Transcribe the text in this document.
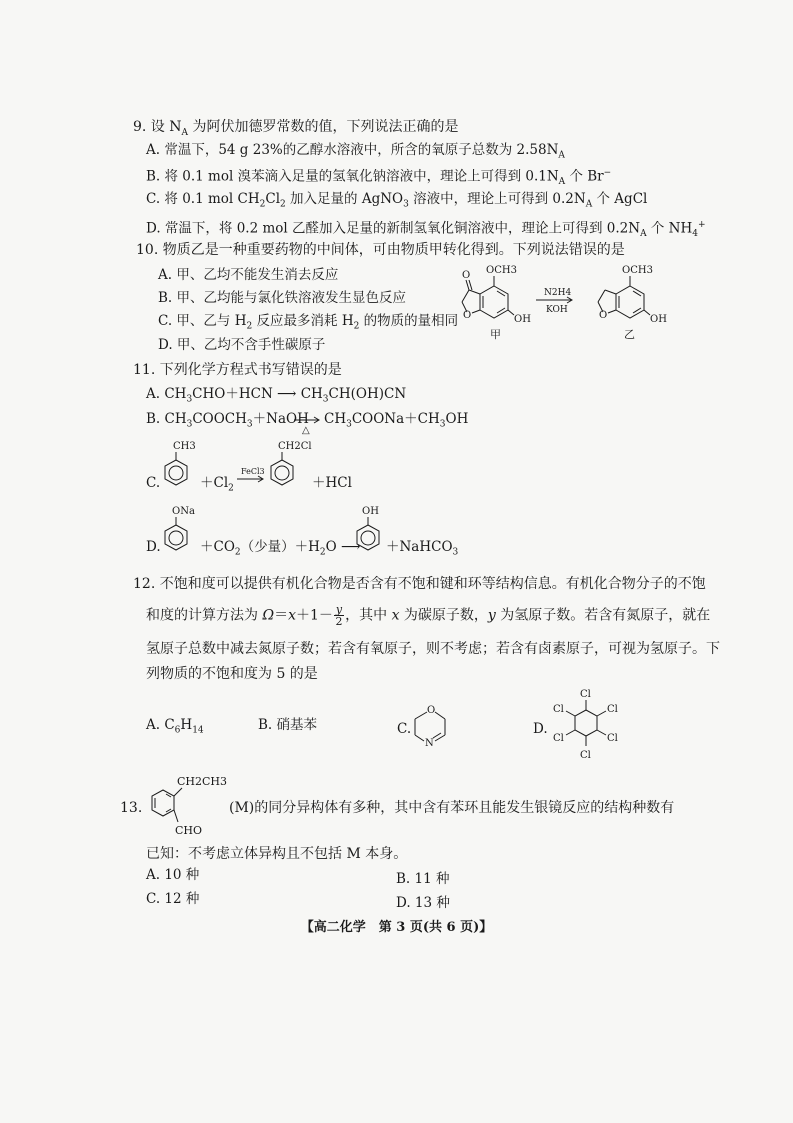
9. 设 $N_A$ 为阿伏加德罗常数的值，下列说法正确的是
A. 常温下，54 g 23%的乙醇水溶液中，所含的氧原子总数为 $2.58N_A$
B. 将 0.1 mol 溴苯滴入足量的氢氧化钠溶液中，理论上可得到 $0.1N_A$ 个 Br−
C. 将 0.1 mol $CH_2Cl_2$ 加入足量的 AgNO$_3$ 溶液中，理论上可得到 $0.2N_A$ 个 AgCl
D. 常温下，将 0.2 mol 乙醛加入足量的新制氢氧化铜溶液中，理论上可得到 $0.2N_A$ 个 $NH_4^+$
10. 物质乙是一种重要药物的中间体，可由物质甲转化得到。下列说法错误的是
A. 甲、乙均不能发生消去反应
B. 甲、乙均能与氯化铁溶液发生显色反应
C. 甲、乙与 $H_2$ 反应最多消耗 $H_2$ 的物质的量相同
D. 甲、乙均不含手性碳原子
O
O
OCH3
OH
甲
N2H4
KOH	O
OCH3
OH
乙
11. 下列化学方程式书写错误的是
A. $CH_3CHO+HCN$ ⟶ $CH_3CH(OH)CN$
B. $CH_3COOCH_3+NaOH$
△
$CH_3COONa+CH_3OH$
C.
CH3
FeCl3
CH2Cl
$+Cl_2$	＋HCl
D.
ONa	OH
$+CO_2$（少量）$+H_2O$ ⟶ ＋NaHCO$_3$
12. 不饱和度可以提供有机化合物是否含有不饱和键和环等结构信息。有机化合物分子的不饱
和度的计算方法为 $\Omega=x+1- \frac{y}{2}$ ，其中 x 为碳原子数，y 为氢原子数。若含有氮原子，就在
氢原子总数中减去氮原子数；若含有氧原子，则不考虑；若含有卤素原子，可视为氢原子。下
列物质的不饱和度为 5 的是
A. $C_6H_{14}$	B. 硝基苯	C.
O
N
D.
Cl
Cl
Cl
Cl
Cl
Cl
13.
CH2CH3
CHO
(M)的同分异构体有多种，其中含有苯环且能发生银镜反应的结构种数有
已知：不考虑立体异构且不包括 M 本身。
A. 10 种	B. 11 种
C. 12 种	D. 13 种
【高二化学　第 3 页(共 6 页)】
